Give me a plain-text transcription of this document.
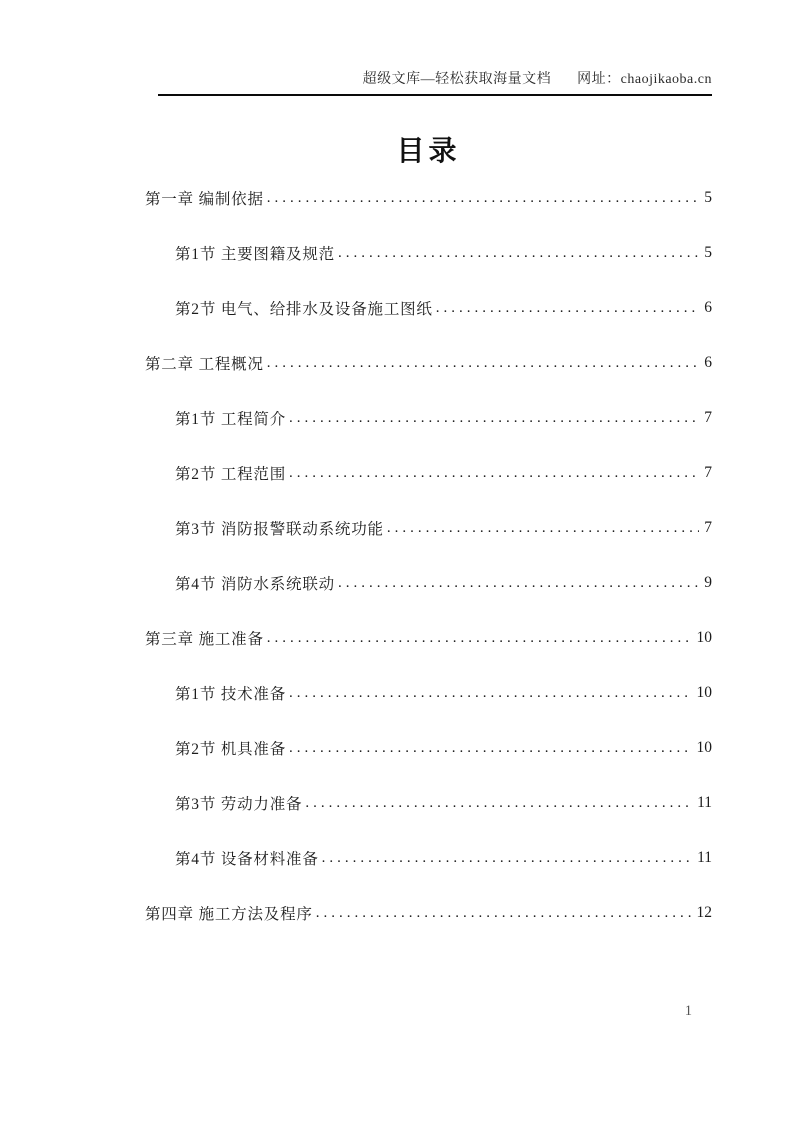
超级文库—轻松获取海量文档 网址：chaojikaoba.cn
目录
第一章 编制依据 .....	5
第1节 主要图籍及规范 .....	5
第2节 电气、给排水及设备施工图纸 .....	6
第二章 工程概况 .....	6
第1节 工程简介 .....	7
第2节 工程范围 .....	7
第3节 消防报警联动系统功能 .....	7
第4节 消防水系统联动 .....	9
第三章 施工准备 .....	10
第1节 技术准备 .....	10
第2节 机具准备 .....	10
第3节 劳动力准备 .....	11
第4节 设备材料准备 .....	11
第四章 施工方法及程序 .....	12
1
